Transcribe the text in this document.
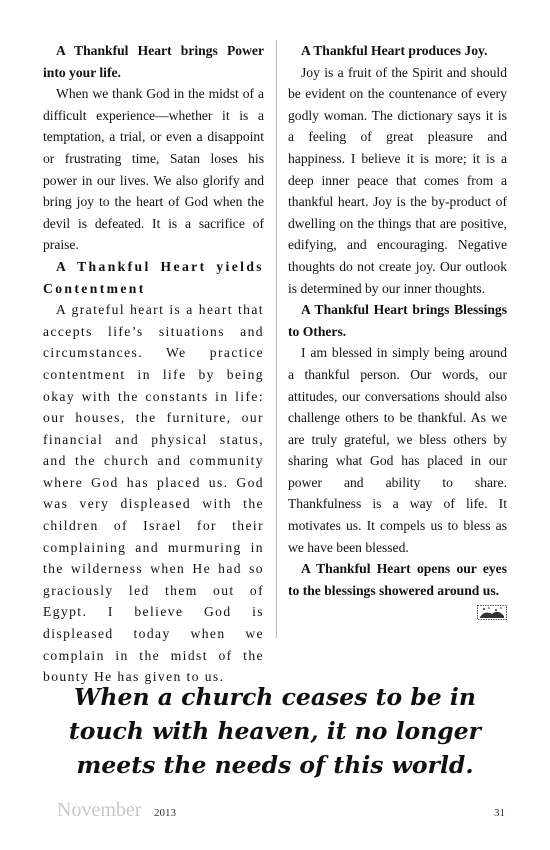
A Thankful Heart brings Power into your life.

When we thank God in the midst of a difficult experience—whether it is a temptation, a trial, or even a disappoint or frustrating time, Satan loses his power in our lives. We also glorify and bring joy to the heart of God when the devil is defeated. It is a sacrifice of praise.

A Thankful Heart yields Contentment

A grateful heart is a heart that accepts life’s situations and circumstances. We practice contentment in life by being okay with the constants in life: our houses, the furniture, our financial and physical status, and the church and community where God has placed us. God was very displeased with the children of Israel for their complaining and murmuring in the wilderness when He had so graciously led them out of Egypt. I believe God is displeased today when we complain in the midst of the bounty He has given to us.

A Thankful Heart produces Joy.

Joy is a fruit of the Spirit and should be evident on the countenance of every godly woman. The dictionary says it is a feeling of great pleasure and happiness. I believe it is more; it is a deep inner peace that comes from a thankful heart. Joy is the by-product of dwelling on the things that are positive, edifying, and encouraging. Negative thoughts do not create joy. Our outlook is determined by our inner thoughts.

A Thankful Heart brings Blessings to Others.

I am blessed in simply being around a thankful person. Our words, our attitudes, our conversations should also challenge others to be thankful. As we are truly grateful, we bless others by sharing what God has placed in our power and ability to share. Thankfulness is a way of life. It motivates us. It compels us to bless as we have been blessed.

A Thankful Heart opens our eyes to the blessings showered around us.
When a church ceases to be in touch with heaven, it no longer meets the needs of this world.
November 2013	31
